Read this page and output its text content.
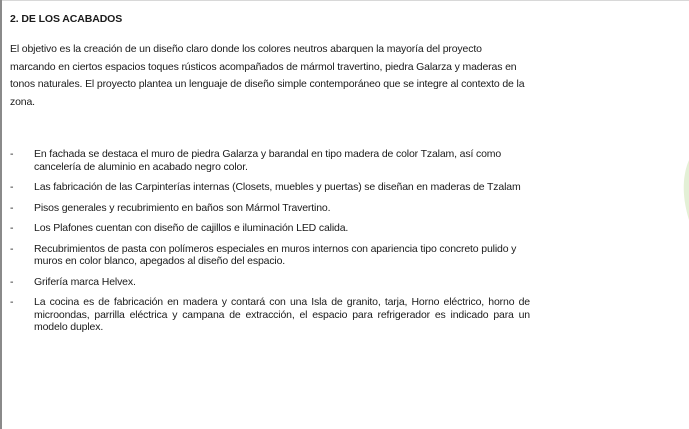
2. DE LOS ACABADOS
El objetivo es la creación de un diseño claro donde los colores neutros abarquen la mayoría del proyecto marcando en ciertos espacios toques rústicos acompañados de mármol travertino, piedra Galarza y maderas en tonos naturales. El proyecto plantea un lenguaje de diseño simple contemporáneo que se integre al contexto de la zona.
- En fachada se destaca el muro de piedra Galarza y barandal en tipo madera de color Tzalam, así como cancelería de aluminio en acabado negro color.
- Las fabricación de las Carpinterías internas (Closets, muebles y puertas) se diseñan en maderas de Tzalam
- Pisos generales y recubrimiento en baños son Mármol Travertino.
- Los Plafones cuentan con diseño de cajillos e iluminación LED calida.
- Recubrimientos de pasta con polímeros especiales en muros internos con apariencia tipo concreto pulido y muros en color blanco, apegados al diseño del espacio.
- Grifería marca Helvex.
- La cocina es de fabricación en madera y contará con una Isla de granito, tarja, Horno eléctrico, horno de microondas, parrilla eléctrica y campana de extracción, el espacio para refrigerador es indicado para un modelo duplex.
